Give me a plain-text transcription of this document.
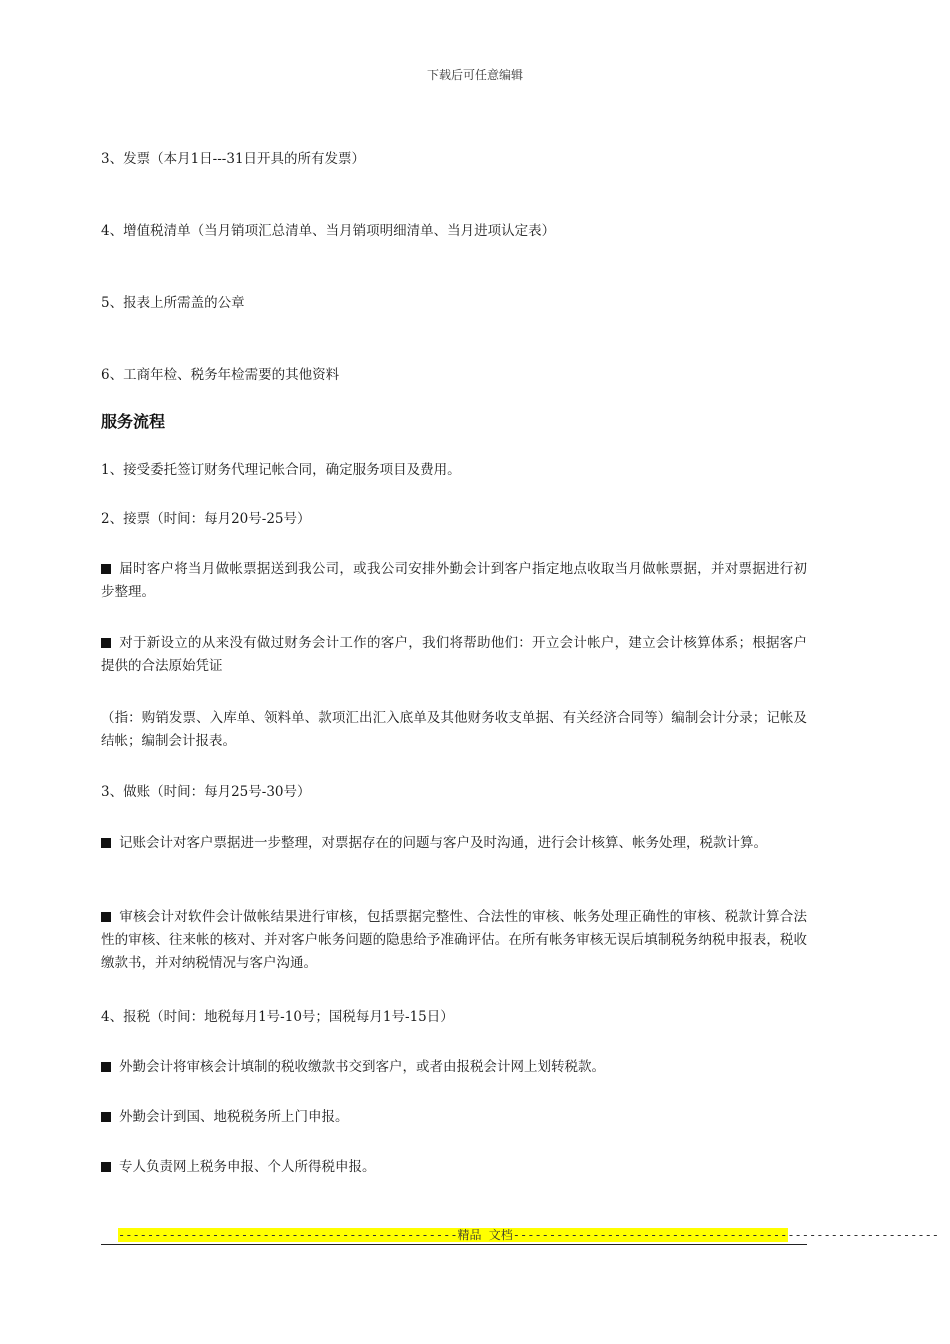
下载后可任意编辑
3、发票（本月1日---31日开具的所有发票）
4、增值税清单（当月销项汇总清单、当月销项明细清单、当月进项认定表）
5、报表上所需盖的公章
6、工商年检、税务年检需要的其他资料
服务流程
1、接受委托签订财务代理记帐合同，确定服务项目及费用。
2、接票（时间：每月20号-25号）
届时客户将当月做帐票据送到我公司，或我公司安排外勤会计到客户指定地点收取当月做帐票据，并对票据进行初步整理。
对于新设立的从来没有做过财务会计工作的客户，我们将帮助他们：开立会计帐户，建立会计核算体系；根据客户提供的合法原始凭证
（指：购销发票、入库单、领料单、款项汇出汇入底单及其他财务收支单据、有关经济合同等）编制会计分录；记帐及结帐；编制会计报表。
3、做账（时间：每月25号-30号）
记账会计对客户票据进一步整理，对票据存在的问题与客户及时沟通，进行会计核算、帐务处理，税款计算。
审核会计对软件会计做帐结果进行审核，包括票据完整性、合法性的审核、帐务处理正确性的审核、税款计算合法性的审核、往来帐的核对、并对客户帐务问题的隐患给予准确评估。在所有帐务审核无误后填制税务纳税申报表，税收缴款书，并对纳税情况与客户沟通。
4、报税（时间：地税每月1号-10号；国税每月1号-15日）
外勤会计将审核会计填制的税收缴款书交到客户，或者由报税会计网上划转税款。
外勤会计到国、地税税务所上门申报。
专人负责网上税务申报、个人所得税申报。
-----------------------------------------------精品 文档-----------------------------------------------------------
